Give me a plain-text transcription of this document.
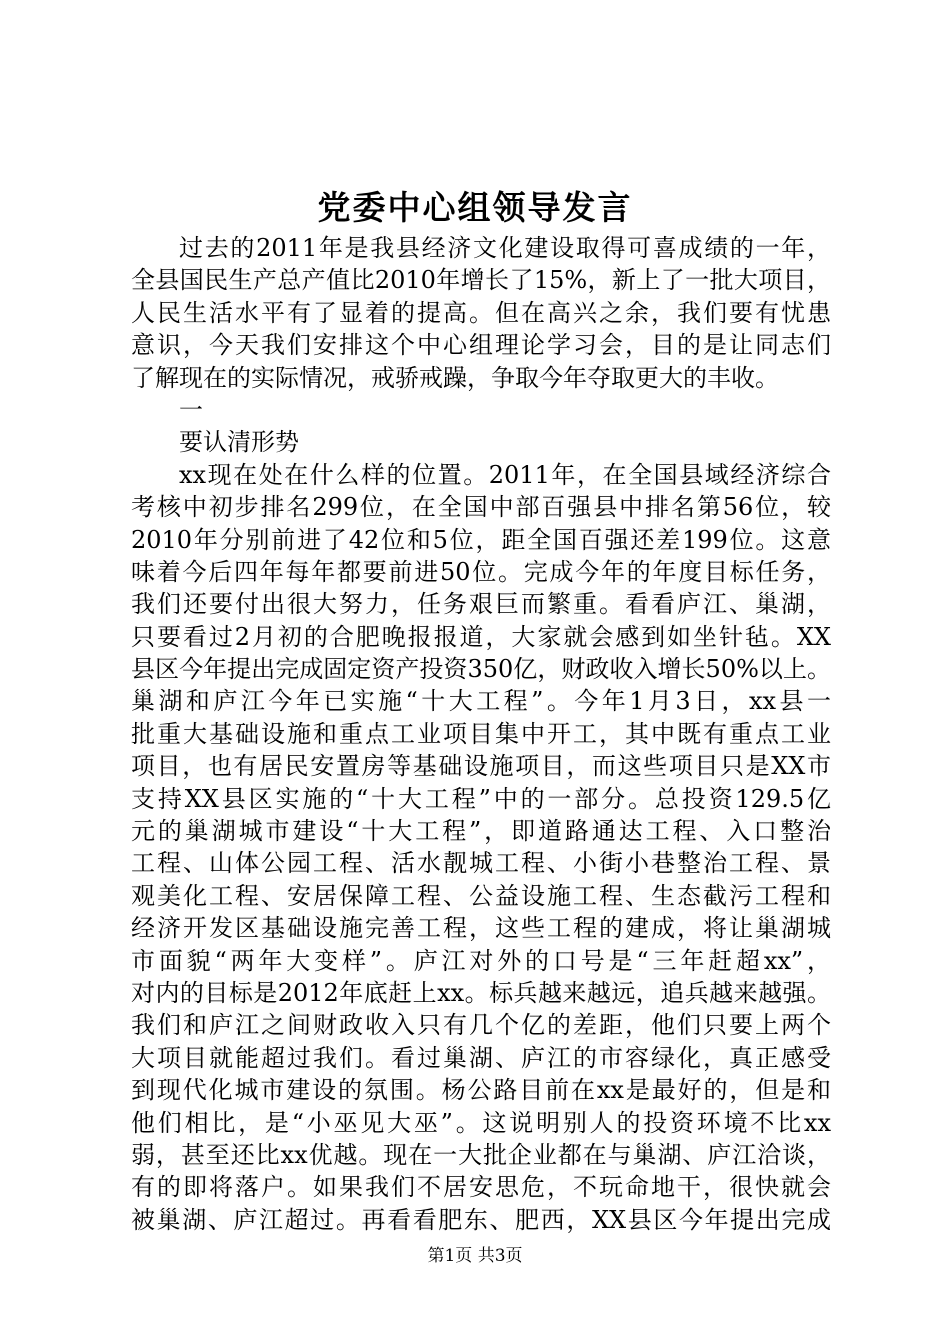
党委中心组领导发言
过去的2011年是我县经济文化建设取得可喜成绩的一年，
全县国民生产总产值比2010年增长了15%，新上了一批大项目，
人民生活水平有了显着的提高。但在高兴之余，我们要有忧患
意识，今天我们安排这个中心组理论学习会，目的是让同志们
了解现在的实际情况，戒骄戒躁，争取今年夺取更大的丰收。
一
要认清形势
xx现在处在什么样的位置。2011年，在全国县域经济综合
考核中初步排名299位，在全国中部百强县中排名第56位，较
2010年分别前进了42位和5位，距全国百强还差199位。这意
味着今后四年每年都要前进50位。完成今年的年度目标任务，
我们还要付出很大努力，任务艰巨而繁重。看看庐江、巢湖，
只要看过2月初的合肥晚报报道，大家就会感到如坐针毡。XX
县区今年提出完成固定资产投资350亿，财政收入增长50%以上。
巢湖和庐江今年已实施“十大工程”。今年1月3日，xx县一
批重大基础设施和重点工业项目集中开工，其中既有重点工业
项目，也有居民安置房等基础设施项目，而这些项目只是XX市
支持XX县区实施的“十大工程”中的一部分。总投资129.5亿
元的巢湖城市建设“十大工程”，即道路通达工程、入口整治
工程、山体公园工程、活水靓城工程、小街小巷整治工程、景
观美化工程、安居保障工程、公益设施工程、生态截污工程和
经济开发区基础设施完善工程，这些工程的建成，将让巢湖城
市面貌“两年大变样”。庐江对外的口号是“三年赶超xx”，
对内的目标是2012年底赶上xx。标兵越来越远，追兵越来越强。
我们和庐江之间财政收入只有几个亿的差距，他们只要上两个
大项目就能超过我们。看过巢湖、庐江的市容绿化，真正感受
到现代化城市建设的氛围。杨公路目前在xx是最好的，但是和
他们相比，是“小巫见大巫”。这说明别人的投资环境不比xx
弱，甚至还比xx优越。现在一大批企业都在与巢湖、庐江洽谈，
有的即将落户。如果我们不居安思危，不玩命地干，很快就会
被巢湖、庐江超过。再看看肥东、肥西，XX县区今年提出完成
第1页 共3页
